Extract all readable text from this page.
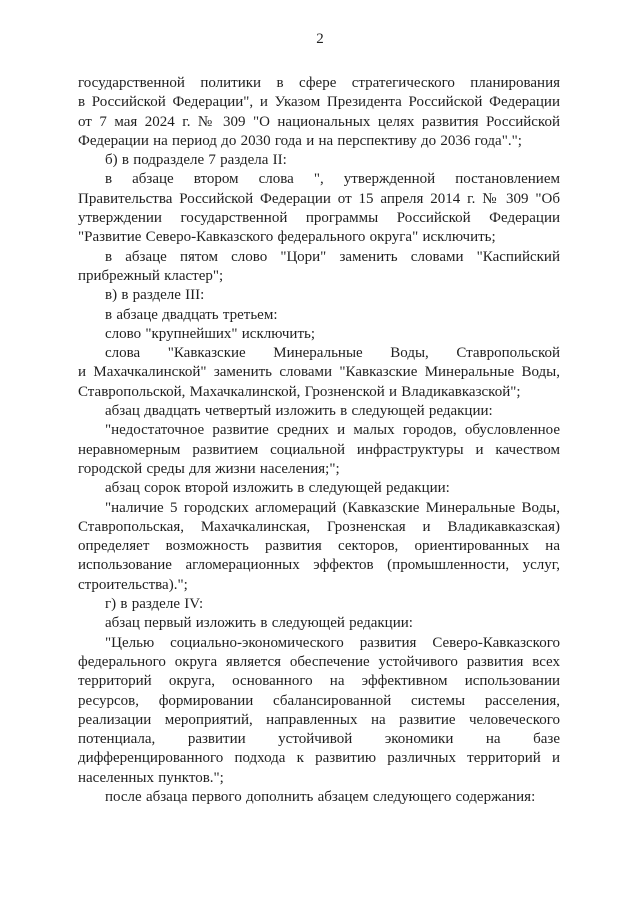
2

государственной политики в сфере стратегического планирования в Российской Федерации", и Указом Президента Российской Федерации от 7 мая 2024 г. № 309 "О национальных целях развития Российской Федерации на период до 2030 года и на перспективу до 2036 года".";

б) в подразделе 7 раздела II:

в абзаце втором слова ", утвержденной постановлением Правительства Российской Федерации от 15 апреля 2014 г. № 309 "Об утверждении государственной программы Российской Федерации "Развитие Северо-Кавказского федерального округа" исключить;

в абзаце пятом слово "Цори" заменить словами "Каспийский прибрежный кластер";

в) в разделе III:

в абзаце двадцать третьем:

слово "крупнейших" исключить;

слова "Кавказские Минеральные Воды, Ставропольской и Махачкалинской" заменить словами "Кавказские Минеральные Воды, Ставропольской, Махачкалинской, Грозненской и Владикавказской";

абзац двадцать четвертый изложить в следующей редакции:

"недостаточное развитие средних и малых городов, обусловленное неравномерным развитием социальной инфраструктуры и качеством городской среды для жизни населения;";

абзац сорок второй изложить в следующей редакции:

"наличие 5 городских агломераций (Кавказские Минеральные Воды, Ставропольская, Махачкалинская, Грозненская и Владикавказская) определяет возможность развития секторов, ориентированных на использование агломерационных эффектов (промышленности, услуг, строительства).";

г) в разделе IV:

абзац первый изложить в следующей редакции:

"Целью социально-экономического развития Северо-Кавказского федерального округа является обеспечение устойчивого развития всех территорий округа, основанного на эффективном использовании ресурсов, формировании сбалансированной системы расселения, реализации мероприятий, направленных на развитие человеческого потенциала, развитии устойчивой экономики на базе дифференцированного подхода к развитию различных территорий и населенных пунктов.";

после абзаца первого дополнить абзацем следующего содержания:
